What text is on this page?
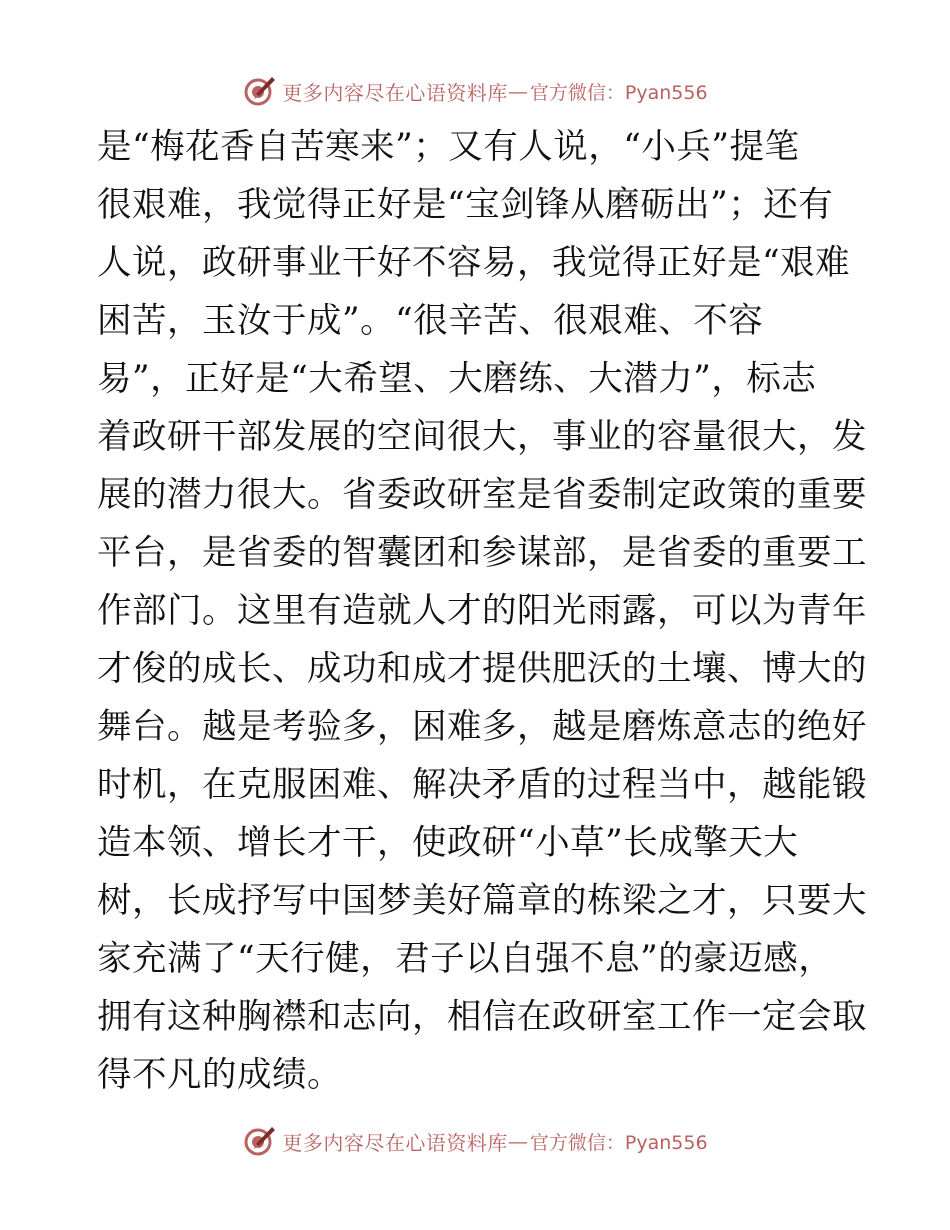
更多内容尽在心语资料库 — 官方微信：Pyan556
是“梅花香自苦寒来”；又有人说，“小兵”提笔
很艰难，我觉得正好是“宝剑锋从磨砺出”；还有
人说，政研事业干好不容易，我觉得正好是“艰难
困苦，玉汝于成”。“很辛苦、很艰难、不容
易”，正好是“大希望、大磨练、大潜力”，标志
着政研干部发展的空间很大，事业的容量很大，发
展的潜力很大。省委政研室是省委制定政策的重要
平台，是省委的智囊团和参谋部，是省委的重要工
作部门。这里有造就人才的阳光雨露，可以为青年
才俊的成长、成功和成才提供肥沃的土壤、博大的
舞台。越是考验多，困难多，越是磨炼意志的绝好
时机，在克服困难、解决矛盾的过程当中，越能锻
造本领、增长才干，使政研“小草”长成擎天大
树，长成抒写中国梦美好篇章的栋梁之才，只要大
家充满了“天行健，君子以自强不息”的豪迈感，
拥有这种胸襟和志向，相信在政研室工作一定会取
得不凡的成绩。
更多内容尽在心语资料库 — 官方微信：Pyan556
